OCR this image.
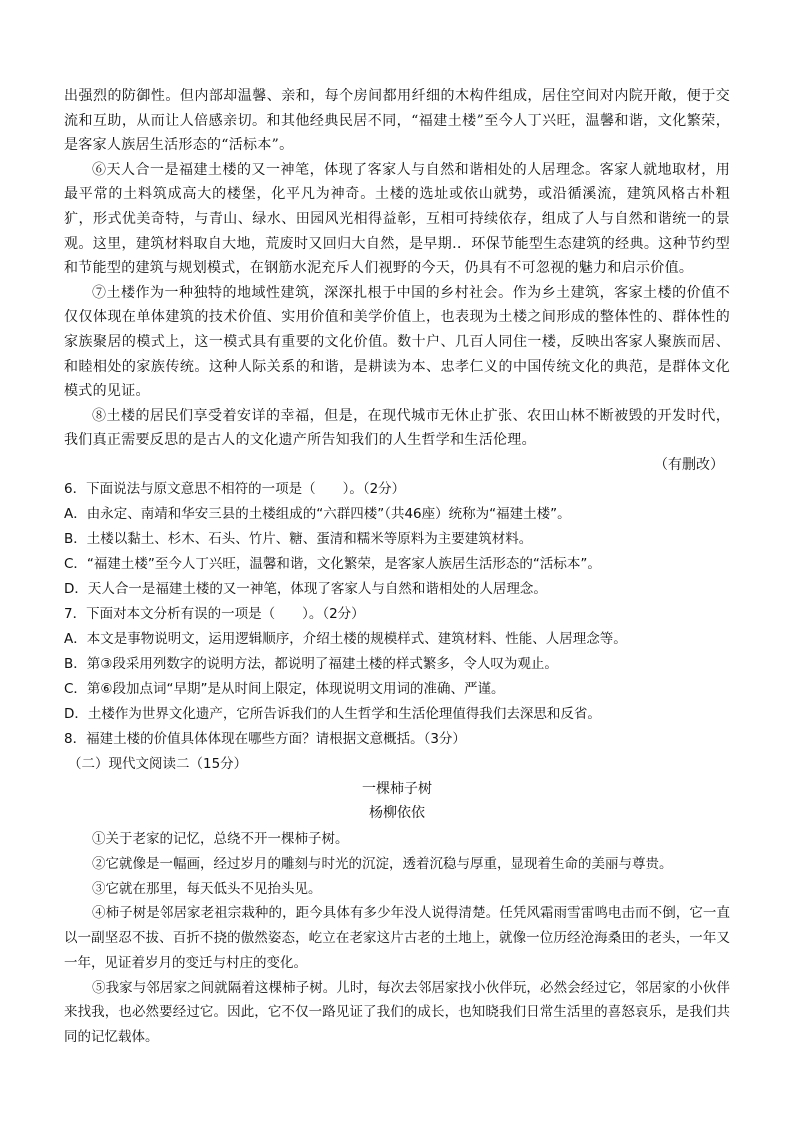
出强烈的防御性。但内部却温馨、亲和，每个房间都用纤细的木构件组成，居住空间对内院开敞，便于交流和互助，从而让人倍感亲切。和其他经典民居不同，“福建土楼”至今人丁兴旺，温馨和谐，文化繁荣，是客家人族居生活形态的“活标本”。

⑥天人合一是福建土楼的又一神笔，体现了客家人与自然和谐相处的人居理念。客家人就地取材，用最平常的土料筑成高大的楼堡，化平凡为神奇。土楼的选址或依山就势，或沿循溪流，建筑风格古朴粗犷，形式优美奇特，与青山、绿水、田园风光相得益彰，互相可持续依存，组成了人与自然和谐统一的景观。这里，建筑材料取自大地，荒废时又回归大自然，是早期.．环保节能型生态建筑的经典。这种节约型和节能型的建筑与规划模式，在钢筋水泥充斥人们视野的今天，仍具有不可忽视的魅力和启示价值。

⑦土楼作为一种独特的地域性建筑，深深扎根于中国的乡村社会。作为乡土建筑，客家土楼的价值不仅仅体现在单体建筑的技术价值、实用价值和美学价值上，也表现为土楼之间形成的整体性的、群体性的家族聚居的模式上，这一模式具有重要的文化价值。数十户、几百人同住一楼，反映出客家人聚族而居、和睦相处的家族传统。这种人际关系的和谐，是耕读为本、忠孝仁义的中国传统文化的典范，是群体文化模式的见证。

⑧土楼的居民们享受着安详的幸福，但是，在现代城市无休止扩张、农田山林不断被毁的开发时代，我们真正需要反思的是古人的文化遗产所告知我们的人生哲学和生活伦理。

（有删改）

6．下面说法与原文意思不相符的一项是（　　）。（2分）

A．由永定、南靖和华安三县的土楼组成的“六群四楼”（共46座）统称为“福建土楼”。

B．土楼以黏土、杉木、石头、竹片、糖、蛋清和糯米等原料为主要建筑材料。

C．“福建土楼”至今人丁兴旺，温馨和谐，文化繁荣，是客家人族居生活形态的“活标本”。

D．天人合一是福建土楼的又一神笔，体现了客家人与自然和谐相处的人居理念。

7．下面对本文分析有误的一项是（　　）。（2分）

A．本文是事物说明文，运用逻辑顺序，介绍土楼的规模样式、建筑材料、性能、人居理念等。

B．第③段采用列数字的说明方法，都说明了福建土楼的样式繁多，令人叹为观止。

C．第⑥段加点词“早期”是从时间上限定，体现说明文用词的准确、严谨。

D．土楼作为世界文化遗产，它所告诉我们的人生哲学和生活伦理值得我们去深思和反省。

8．福建土楼的价值具体体现在哪些方面？请根据文意概括。（3分）

（二）现代文阅读二（15分）

一棵柿子树

杨柳依依

①关于老家的记忆，总绕不开一棵柿子树。

②它就像是一幅画，经过岁月的雕刻与时光的沉淀，透着沉稳与厚重，显现着生命的美丽与尊贵。

③它就在那里，每天低头不见抬头见。

④柿子树是邻居家老祖宗栽种的，距今具体有多少年没人说得清楚。任凭风霜雨雪雷鸣电击而不倒，它一直以一副坚忍不拔、百折不挠的傲然姿态，屹立在老家这片古老的土地上，就像一位历经沧海桑田的老头，一年又一年，见证着岁月的变迁与村庄的变化。

⑤我家与邻居家之间就隔着这棵柿子树。儿时，每次去邻居家找小伙伴玩，必然会经过它，邻居家的小伙伴来找我，也必然要经过它。因此，它不仅一路见证了我们的成长，也知晓我们日常生活里的喜怒哀乐，是我们共同的记忆载体。
